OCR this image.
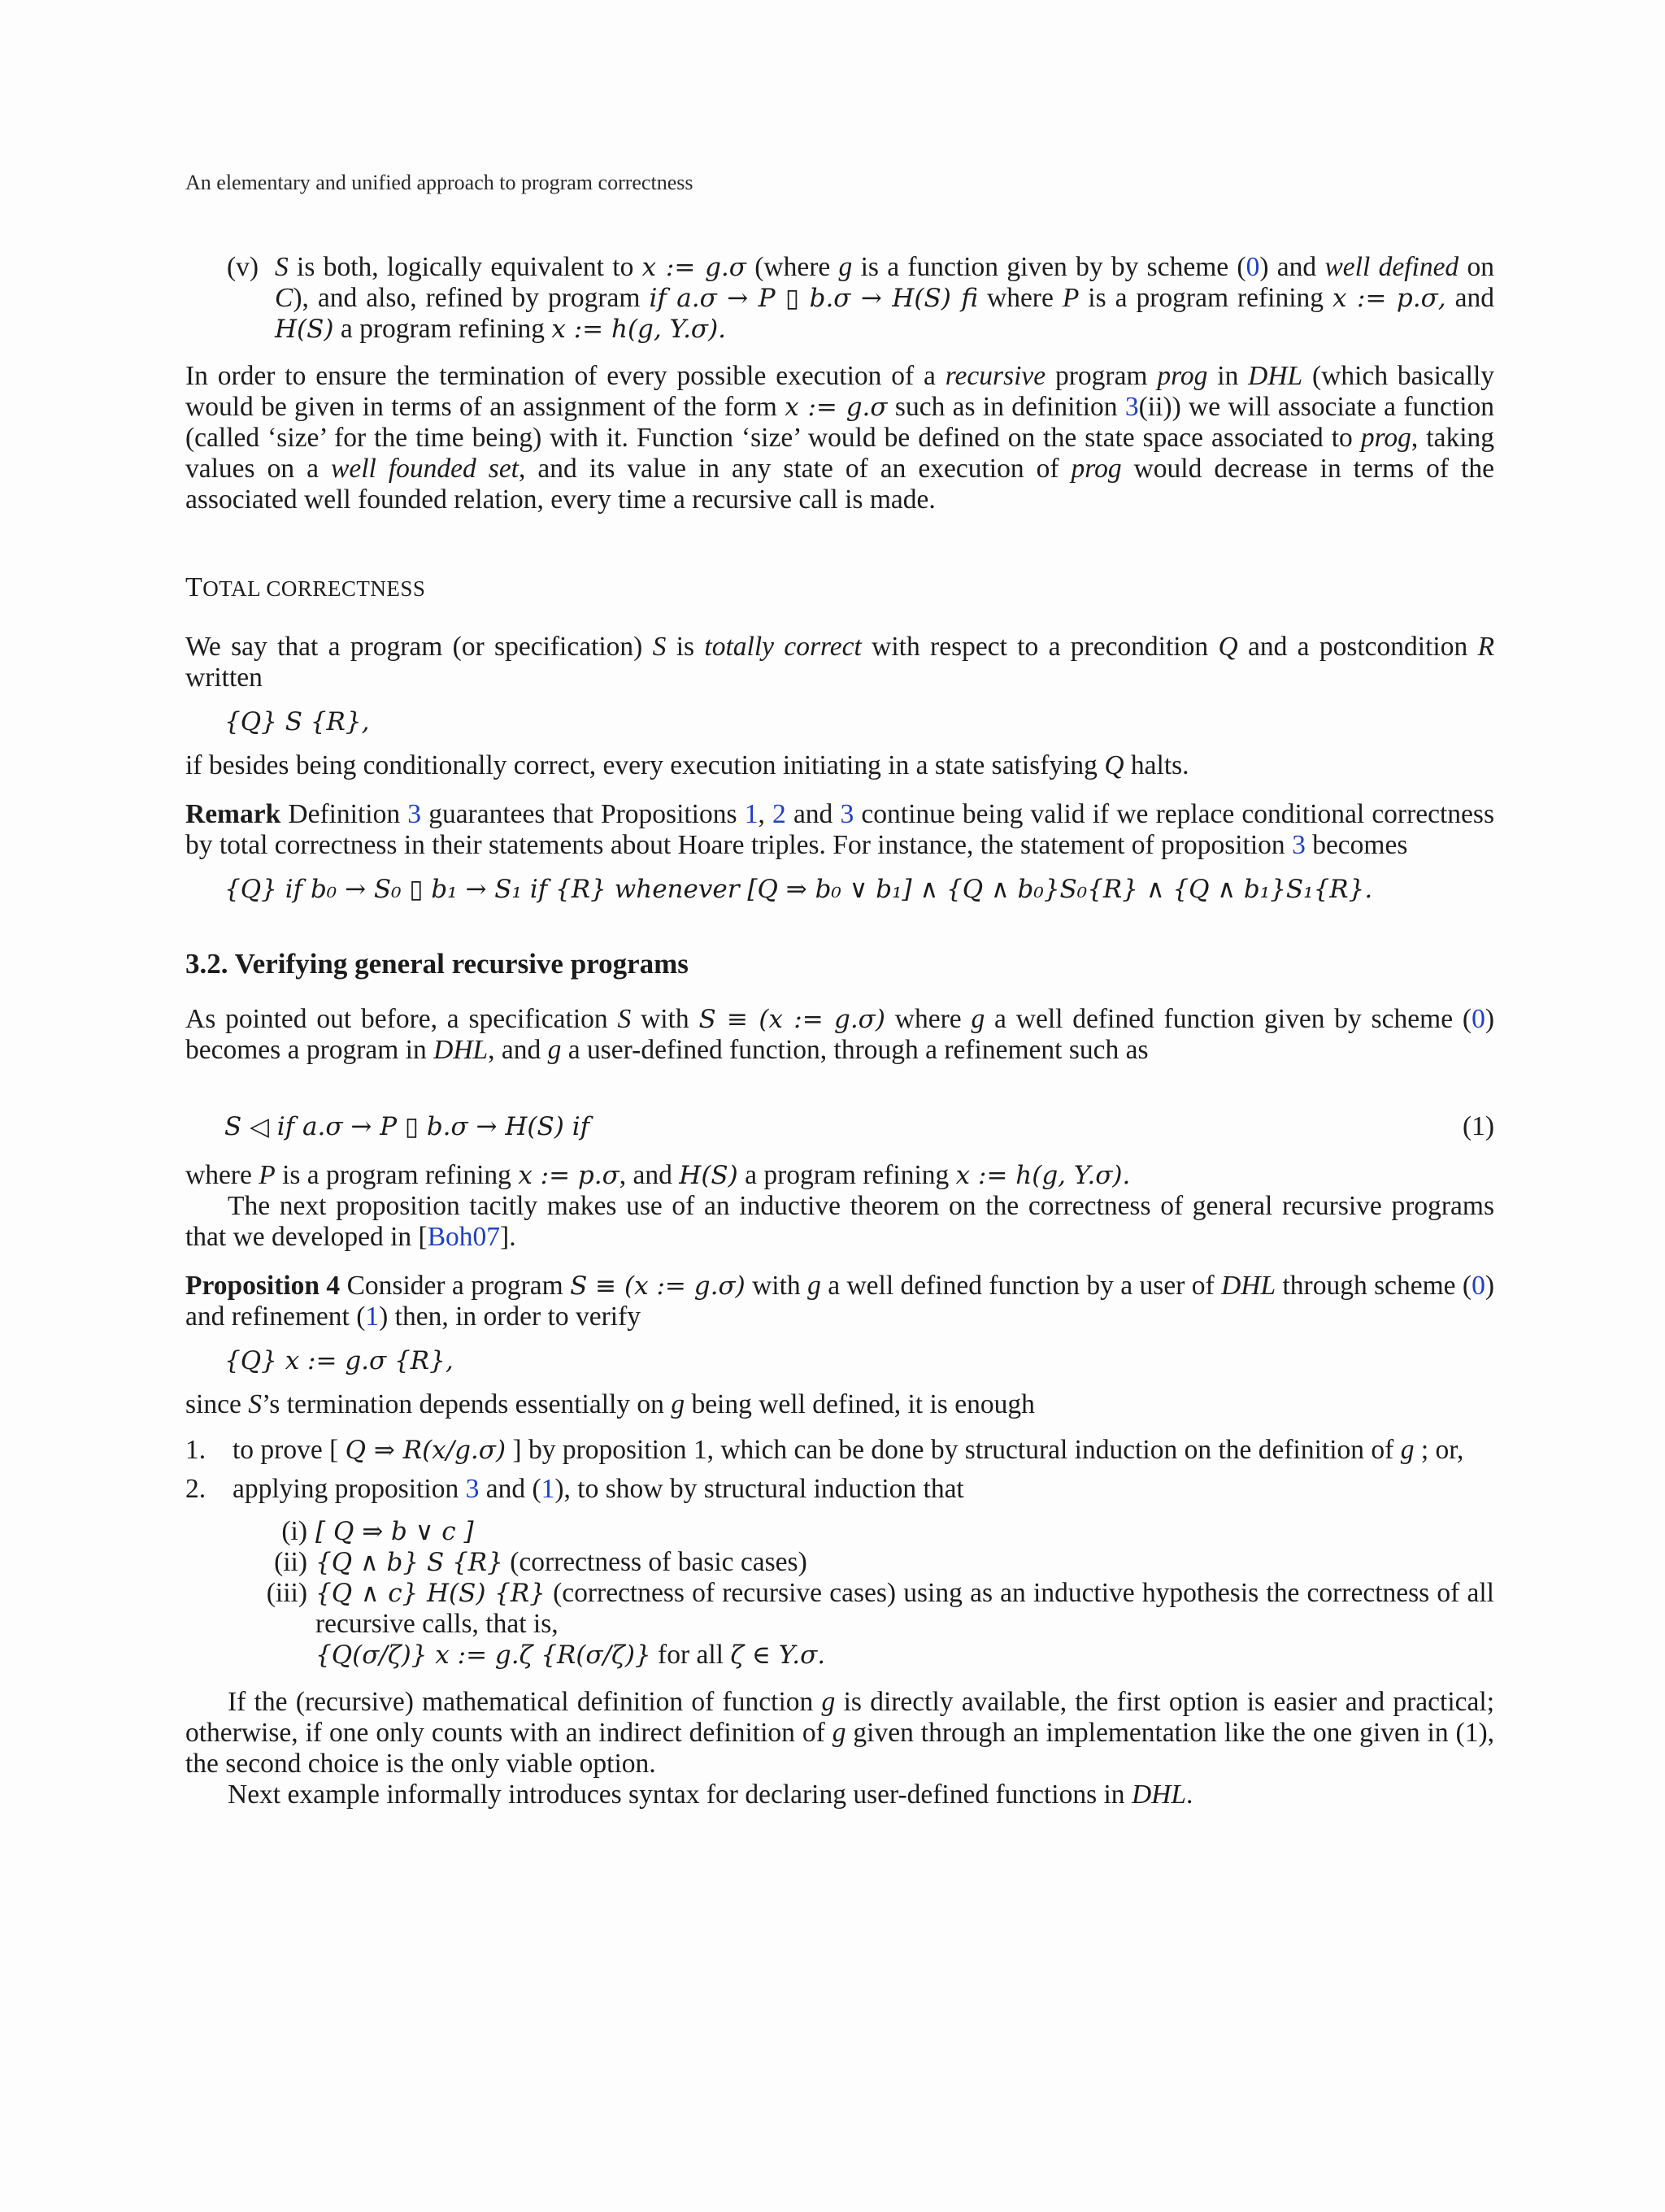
An elementary and unified approach to program correctness
(v) S is both, logically equivalent to x := g.σ (where g is a function given by by scheme (0) and well defined on C), and also, refined by program if a.σ → P ▯ b.σ → H(S) fi where P is a program refining x := p.σ, and H(S) a program refining x := h(g, Y.σ).

In order to ensure the termination of every possible execution of a recursive program prog in DHL (which basically would be given in terms of an assignment of the form x := g.σ such as in definition 3(ii)) we will associate a function (called ‘size’ for the time being) with it. Function ‘size’ would be defined on the state space associated to prog, taking values on a well founded set, and its value in any state of an execution of prog would decrease in terms of the associated well founded relation, every time a recursive call is made.

TOTAL CORRECTNESS

We say that a program (or specification) S is totally correct with respect to a precondition Q and a postcondition R written

{Q} S {R},

if besides being conditionally correct, every execution initiating in a state satisfying Q halts.

Remark Definition 3 guarantees that Propositions 1, 2 and 3 continue being valid if we replace conditional correctness by total correctness in their statements about Hoare triples. For instance, the statement of proposition 3 becomes

{Q} if b₀ → S₀ ▯ b₁ → S₁ if {R} whenever [Q ⇒ b₀ ∨ b₁] ∧ {Q ∧ b₀}S₀{R} ∧ {Q ∧ b₁}S₁{R}.
3.2. Verifying general recursive programs

As pointed out before, a specification S with S ≡ (x := g.σ) where g a well defined function given by scheme (0) becomes a program in DHL, and g a user-defined function, through a refinement such as

S ◁ if a.σ → P ▯ b.σ → H(S) if	(1)

where P is a program refining x := p.σ, and H(S) a program refining x := h(g, Y.σ).

The next proposition tacitly makes use of an inductive theorem on the correctness of general recursive programs that we developed in [Boh07].

Proposition 4 Consider a program S ≡ (x := g.σ) with g a well defined function by a user of DHL through scheme (0) and refinement (1) then, in order to verify

{Q} x := g.σ {R},

since S’s termination depends essentially on g being well defined, it is enough

1. to prove [ Q ⇒ R(x/g.σ) ] by proposition 1, which can be done by structural induction on the definition of g ; or,
2. applying proposition 3 and (1), to show by structural induction that
(i) [ Q ⇒ b ∨ c ]
(ii) {Q ∧ b} S {R} (correctness of basic cases)
(iii) {Q ∧ c} H(S) {R} (correctness of recursive cases) using as an inductive hypothesis the correctness of all recursive calls, that is,
{Q(σ/ζ)} x := g.ζ {R(σ/ζ)} for all ζ ∈ Y.σ.

If the (recursive) mathematical definition of function g is directly available, the first option is easier and practical; otherwise, if one only counts with an indirect definition of g given through an implementation like the one given in (1), the second choice is the only viable option.

Next example informally introduces syntax for declaring user-defined functions in DHL.
